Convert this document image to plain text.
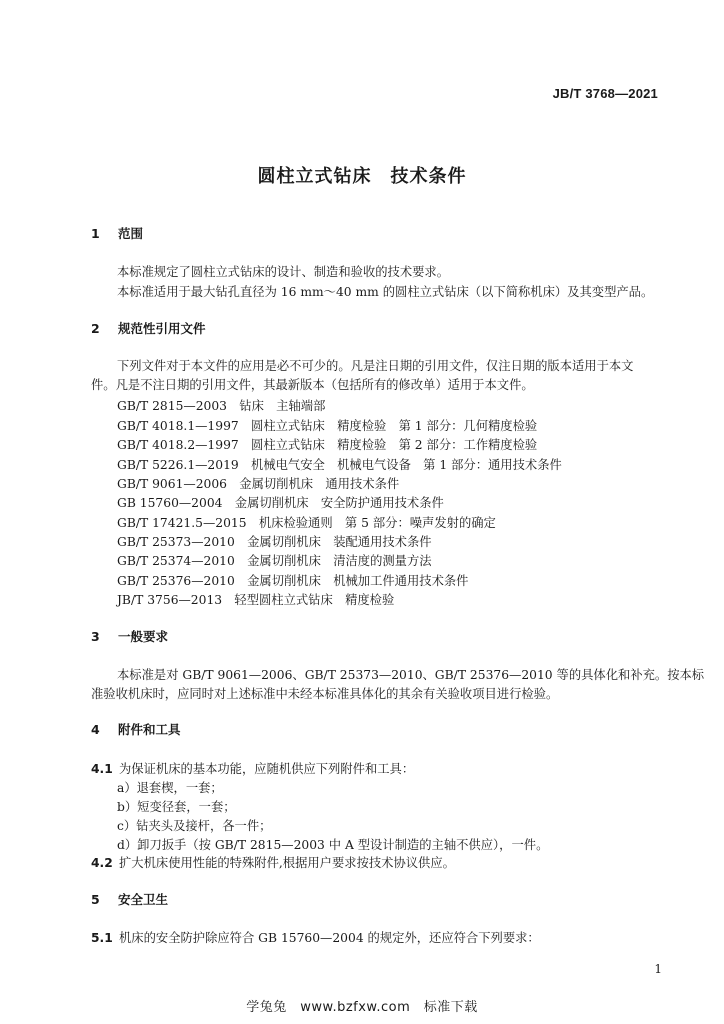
JB/T 3768—2021
圆柱立式钻床　技术条件
1 范围
本标准规定了圆柱立式钻床的设计、制造和验收的技术要求。
本标准适用于最大钻孔直径为 16 mm～40 mm 的圆柱立式钻床（以下简称机床）及其变型产品。
2 规范性引用文件
下列文件对于本文件的应用是必不可少的。凡是注日期的引用文件，仅注日期的版本适用于本文
件。凡是不注日期的引用文件，其最新版本（包括所有的修改单）适用于本文件。
GB/T 2815—2003　钻床　主轴端部
GB/T 4018.1—1997　圆柱立式钻床　精度检验　第 1 部分：几何精度检验
GB/T 4018.2—1997　圆柱立式钻床　精度检验　第 2 部分：工作精度检验
GB/T 5226.1—2019　机械电气安全　机械电气设备　第 1 部分：通用技术条件
GB/T 9061—2006　金属切削机床　通用技术条件
GB 15760—2004　金属切削机床　安全防护通用技术条件
GB/T 17421.5—2015　机床检验通则　第 5 部分：噪声发射的确定
GB/T 25373—2010　金属切削机床　装配通用技术条件
GB/T 25374—2010　金属切削机床　清洁度的测量方法
GB/T 25376—2010　金属切削机床　机械加工件通用技术条件
JB/T 3756—2013　轻型圆柱立式钻床　精度检验
3 一般要求
本标准是对 GB/T 9061—2006、GB/T 25373—2010、GB/T 25376—2010 等的具体化和补充。按本标
准验收机床时，应同时对上述标准中未经本标准具体化的其余有关验收项目进行检验。
4 附件和工具
4.1 为保证机床的基本功能，应随机供应下列附件和工具：
a）退套楔，一套；
b）短变径套，一套；
c）钻夹头及接杆，各一件；
d）卸刀扳手（按 GB/T 2815—2003 中 A 型设计制造的主轴不供应），一件。
4.2 扩大机床使用性能的特殊附件,根据用户要求按技术协议供应。
5 安全卫生
5.1 机床的安全防护除应符合 GB 15760—2004 的规定外，还应符合下列要求：
1
学兔兔　www.bzfxw.com　标准下载
